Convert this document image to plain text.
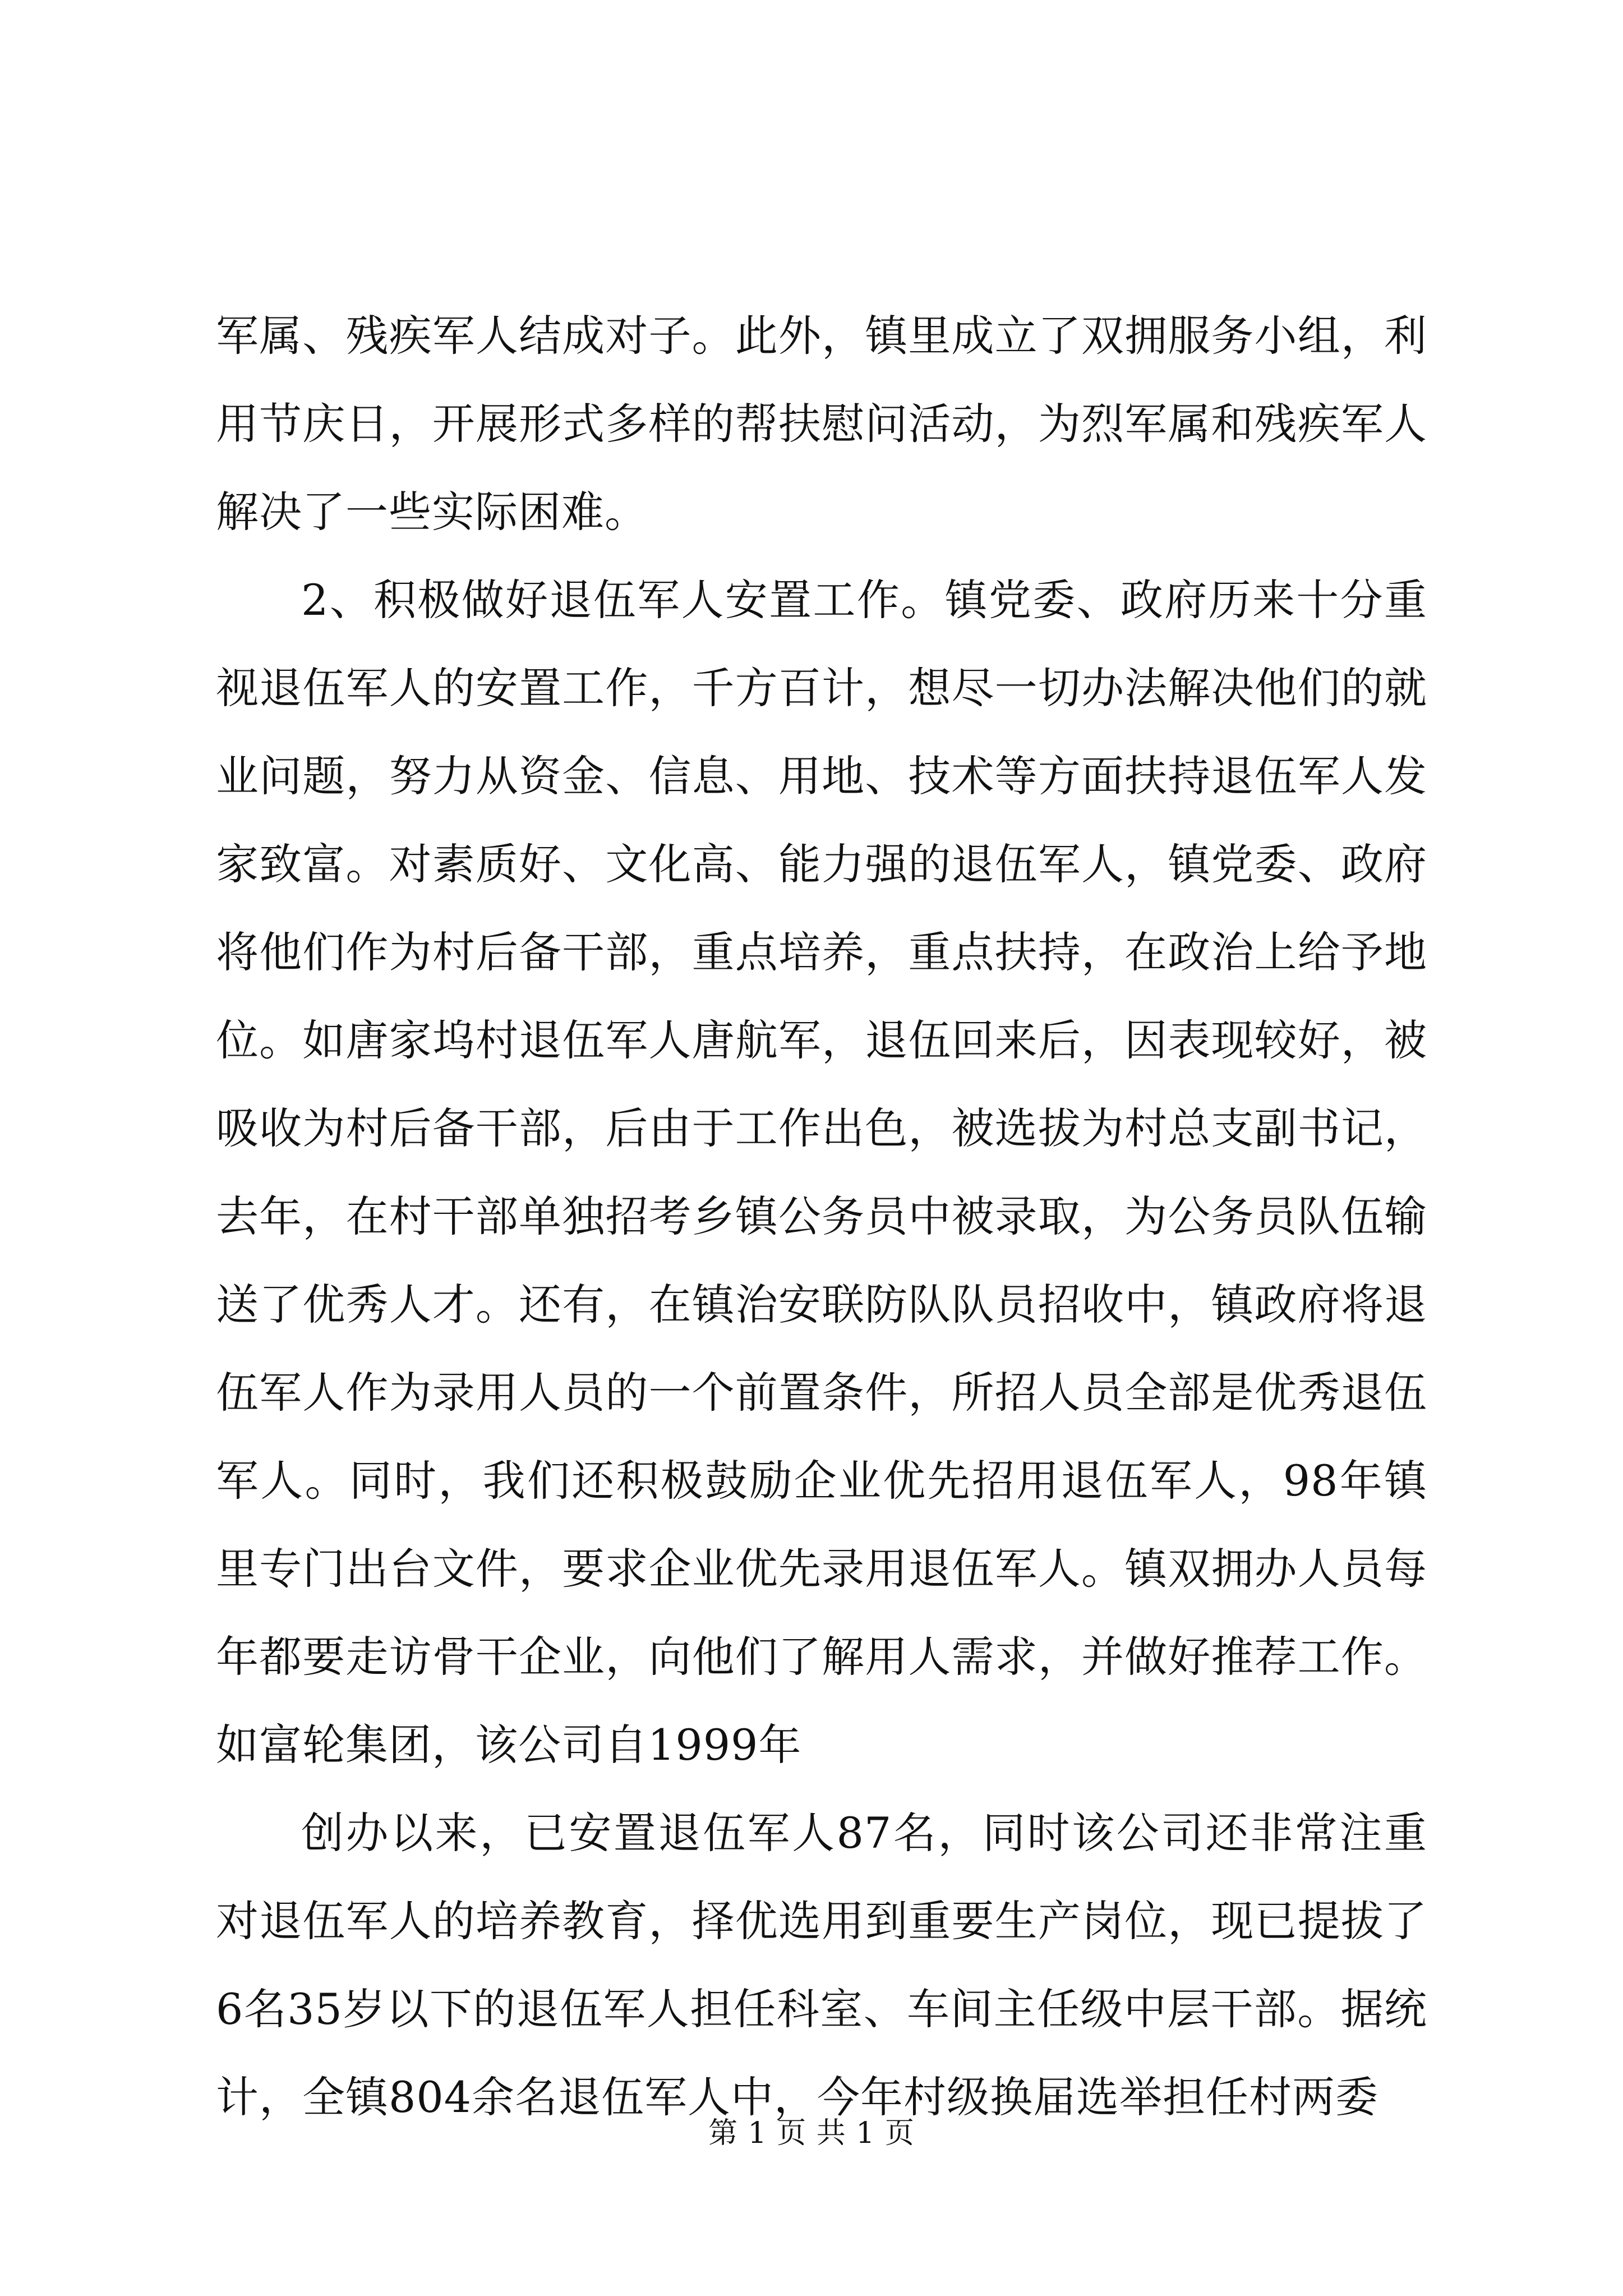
军属、残疾军人结成对子。此外，镇里成立了双拥服务小组，利用节庆日，开展形式多样的帮扶慰问活动，为烈军属和残疾军人解决了一些实际困难。

2、积极做好退伍军人安置工作。镇党委、政府历来十分重视退伍军人的安置工作，千方百计，想尽一切办法解决他们的就业问题，努力从资金、信息、用地、技术等方面扶持退伍军人发家致富。对素质好、文化高、能力强的退伍军人，镇党委、政府将他们作为村后备干部，重点培养，重点扶持，在政治上给予地位。如唐家坞村退伍军人唐航军，退伍回来后，因表现较好，被吸收为村后备干部，后由于工作出色，被选拔为村总支副书记，去年，在村干部单独招考乡镇公务员中被录取，为公务员队伍输送了优秀人才。还有，在镇治安联防队队员招收中，镇政府将退伍军人作为录用人员的一个前置条件，所招人员全部是优秀退伍军人。同时，我们还积极鼓励企业优先招用退伍军人，98年镇里专门出台文件，要求企业优先录用退伍军人。镇双拥办人员每年都要走访骨干企业，向他们了解用人需求，并做好推荐工作。如富轮集团，该公司自1999年

创办以来，已安置退伍军人87名，同时该公司还非常注重对退伍军人的培养教育，择优选用到重要生产岗位，现已提拔了6名35岁以下的退伍军人担任科室、车间主任级中层干部。据统计，全镇804余名退伍军人中，今年村级换届选举担任村两委

第 1 页 共 1 页
